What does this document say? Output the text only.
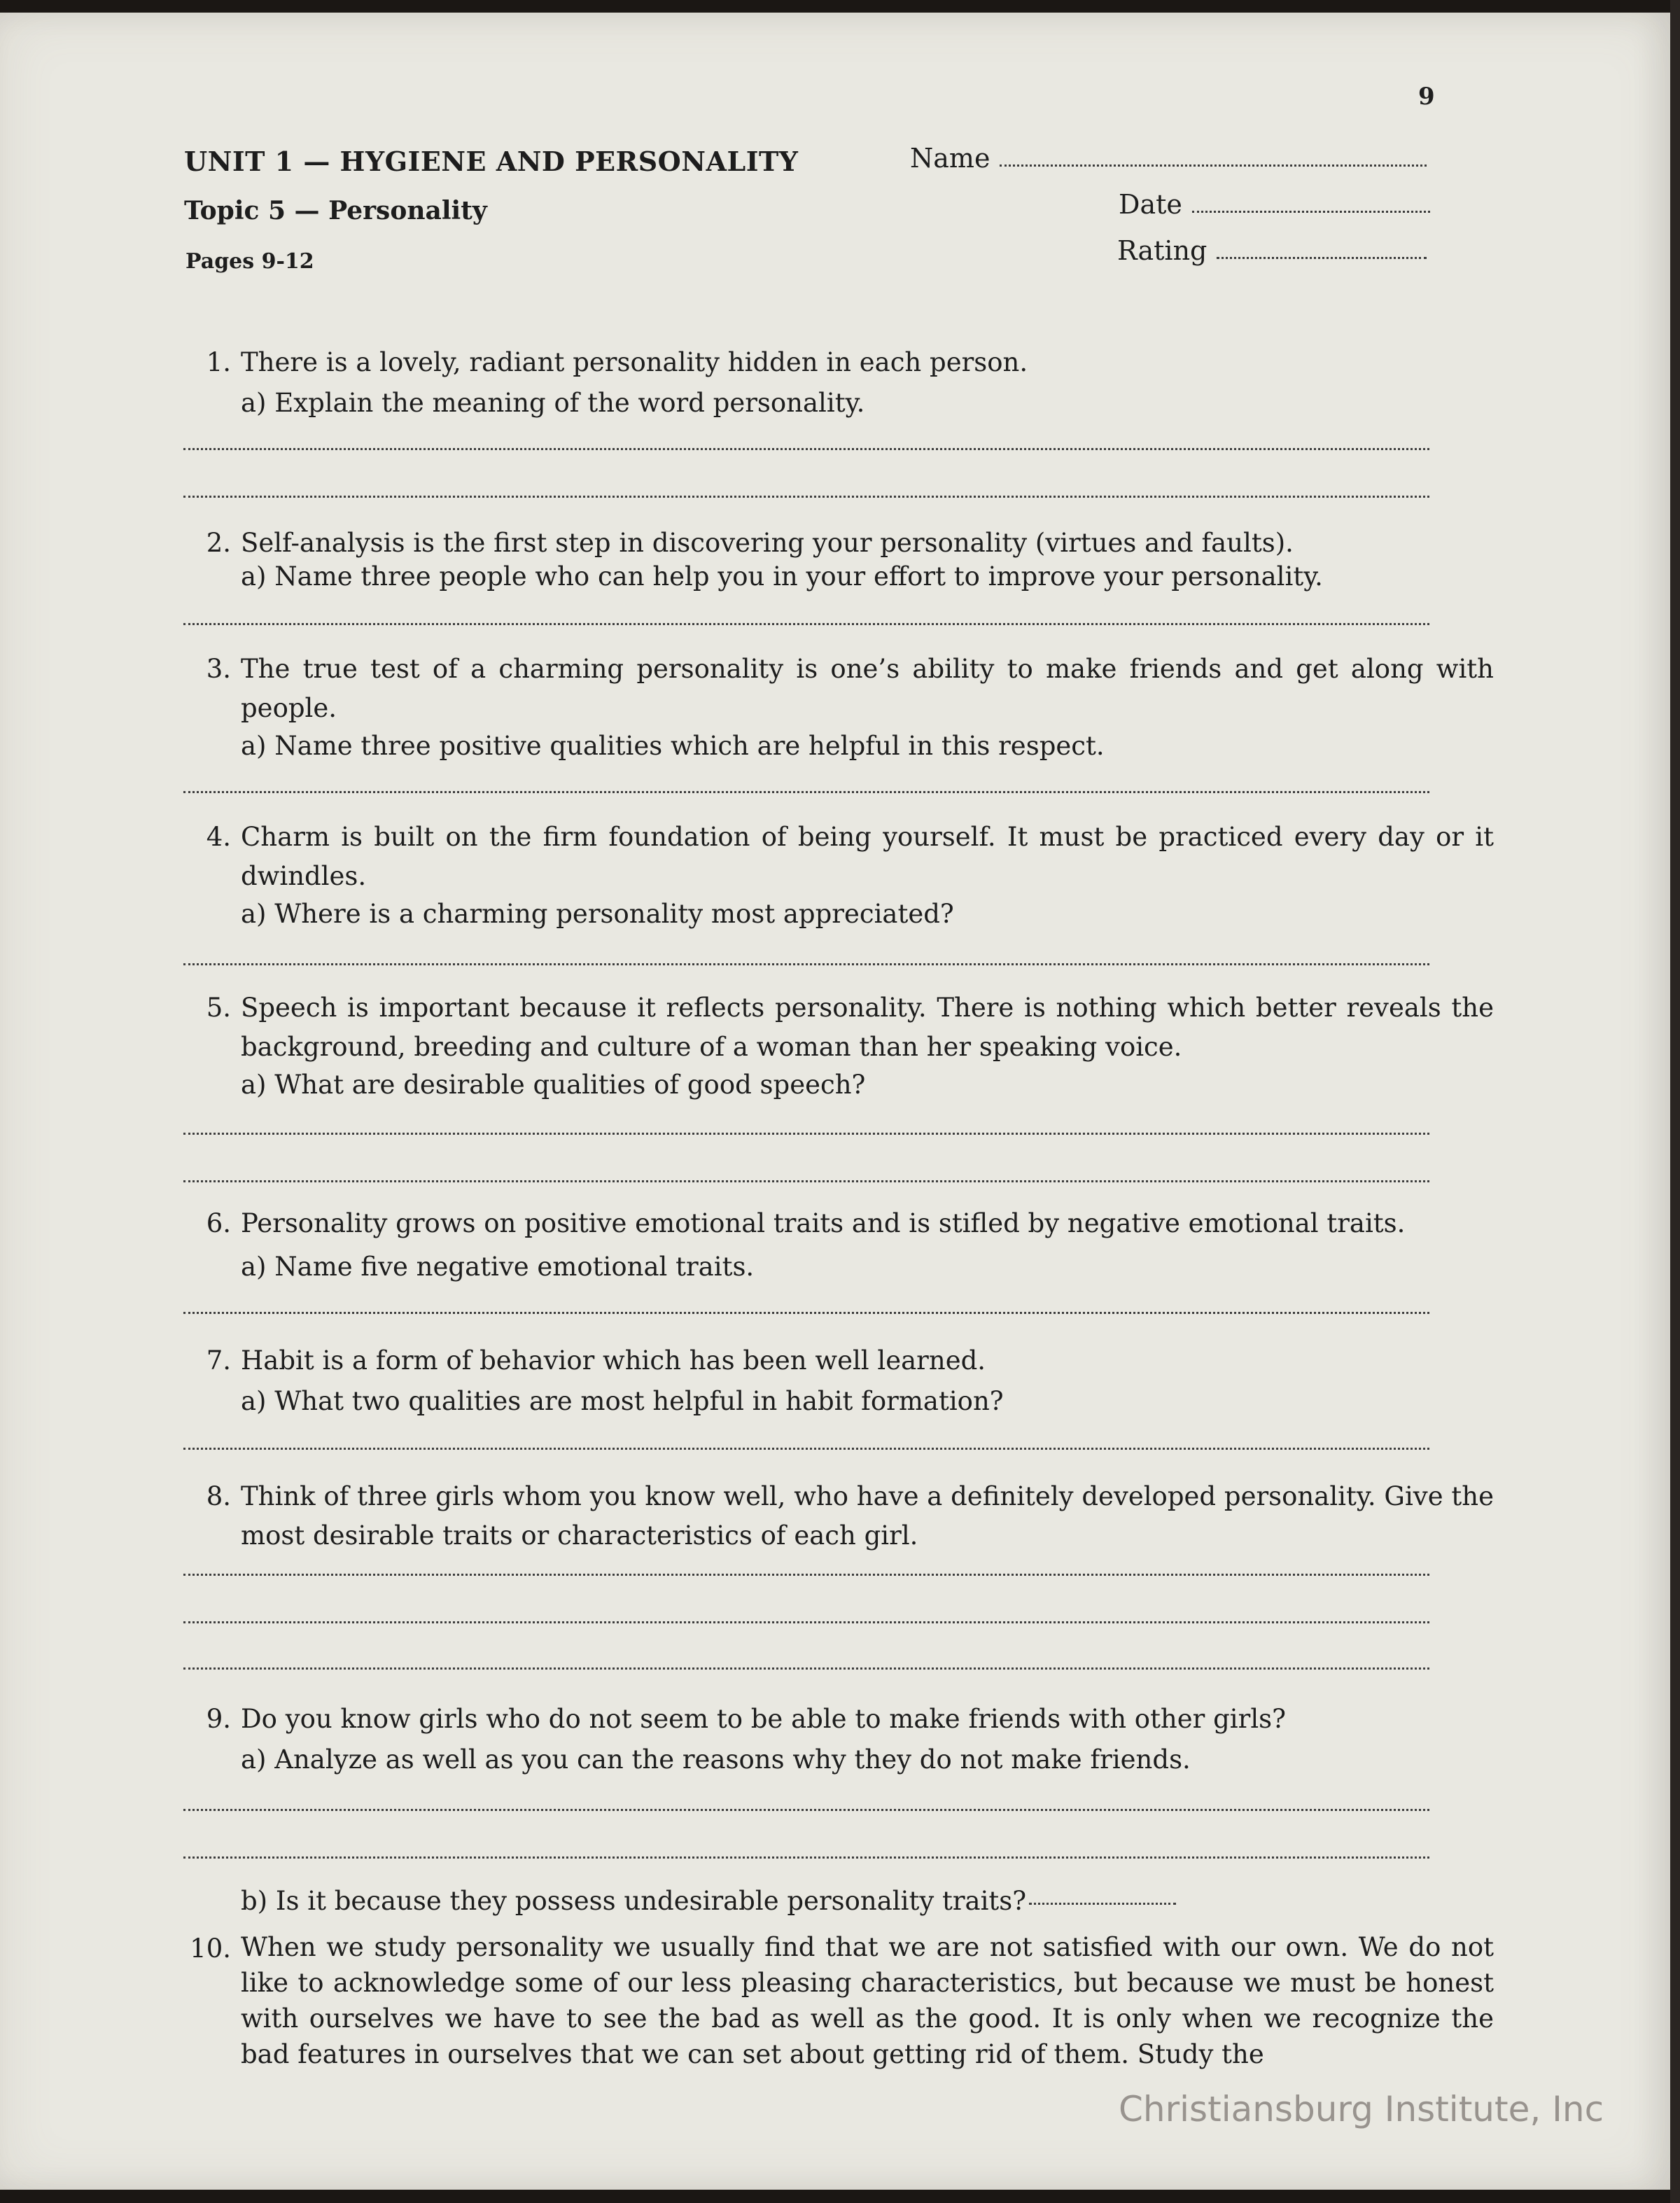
9
UNIT 1 — HYGIENE AND PERSONALITY
Topic 5 — Personality
Pages 9-12
Name
Date
Rating
1. There is a lovely, radiant personality hidden in each person.
a) Explain the meaning of the word personality.
2. Self-analysis is the first step in discovering your personality (virtues and faults).
a) Name three people who can help you in your effort to improve your personality.
3. The true test of a charming personality is one’s ability to make friends and get along with people.
a) Name three positive qualities which are helpful in this respect.
4. Charm is built on the firm foundation of being yourself. It must be practiced every day or it dwindles.
a) Where is a charming personality most appreciated?
5. Speech is important because it reflects personality. There is nothing which better reveals the background, breeding and culture of a woman than her speaking voice.
a) What are desirable qualities of good speech?
6. Personality grows on positive emotional traits and is stifled by negative emotional traits.
a) Name five negative emotional traits.
7. Habit is a form of behavior which has been well learned.
a) What two qualities are most helpful in habit formation?
8. Think of three girls whom you know well, who have a definitely developed personality. Give the most desirable traits or characteristics of each girl.
9. Do you know girls who do not seem to be able to make friends with other girls?
a) Analyze as well as you can the reasons why they do not make friends.
b) Is it because they possess undesirable personality traits?
10. When we study personality we usually find that we are not satisfied with our own. We do not like to acknowledge some of our less pleasing characteristics, but because we must be honest with ourselves we have to see the bad as well as the good. It is only when we recognize the bad features in ourselves that we can set about getting rid of them. Study the
Christiansburg Institute, Inc
